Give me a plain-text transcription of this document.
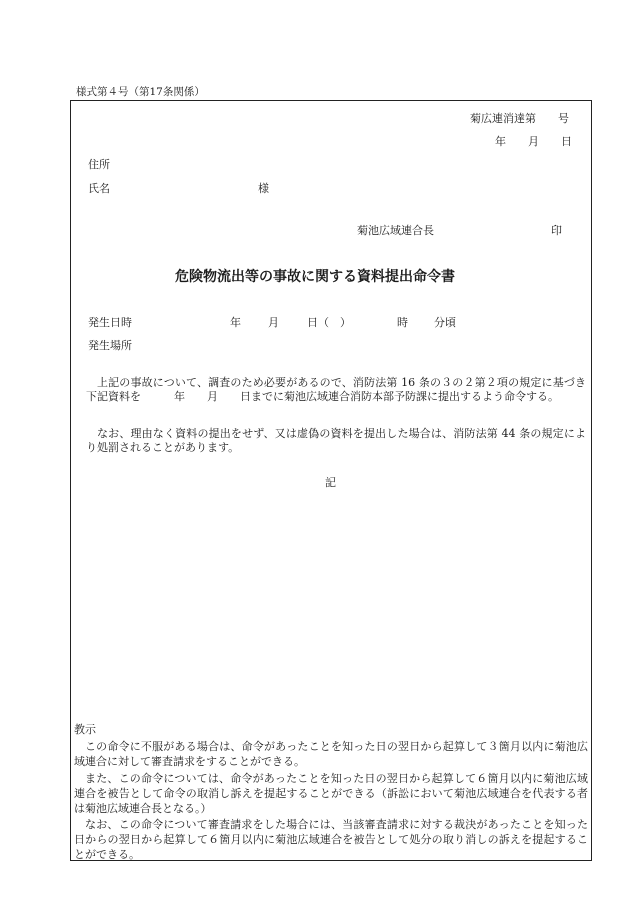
様式第４号（第17条関係）
菊広連消達第　　号
年　　月　　日
住所
氏名	様
菊池広域連合長	印
危険物流出等の事故に関する資料提出命令書
発生日時	年 月	日（　）	時 分頃
発生場所
上記の事故について、調査のため必要があるので、消防法第 16 条の３の２第２項の規定に基づき下記資料を　　　年　　月　　日までに菊池広域連合消防本部予防課に提出するよう命令する。
なお、理由なく資料の提出をせず、又は虚偽の資料を提出した場合は、消防法第 44 条の規定により処罰されることがあります。
記
教示
この命令に不服がある場合は、命令があったことを知った日の翌日から起算して３箇月以内に菊池広域連合に対して審査請求をすることができる。
また、この命令については、命令があったことを知った日の翌日から起算して６箇月以内に菊池広域連合を被告として命令の取消し訴えを提起することができる（訴訟において菊池広域連合を代表する者は菊池広域連合長となる。）
なお、この命令について審査請求をした場合には、当該審査請求に対する裁決があったことを知った日からの翌日から起算して６箇月以内に菊池広域連合を被告として処分の取り消しの訴えを提起することができる。
